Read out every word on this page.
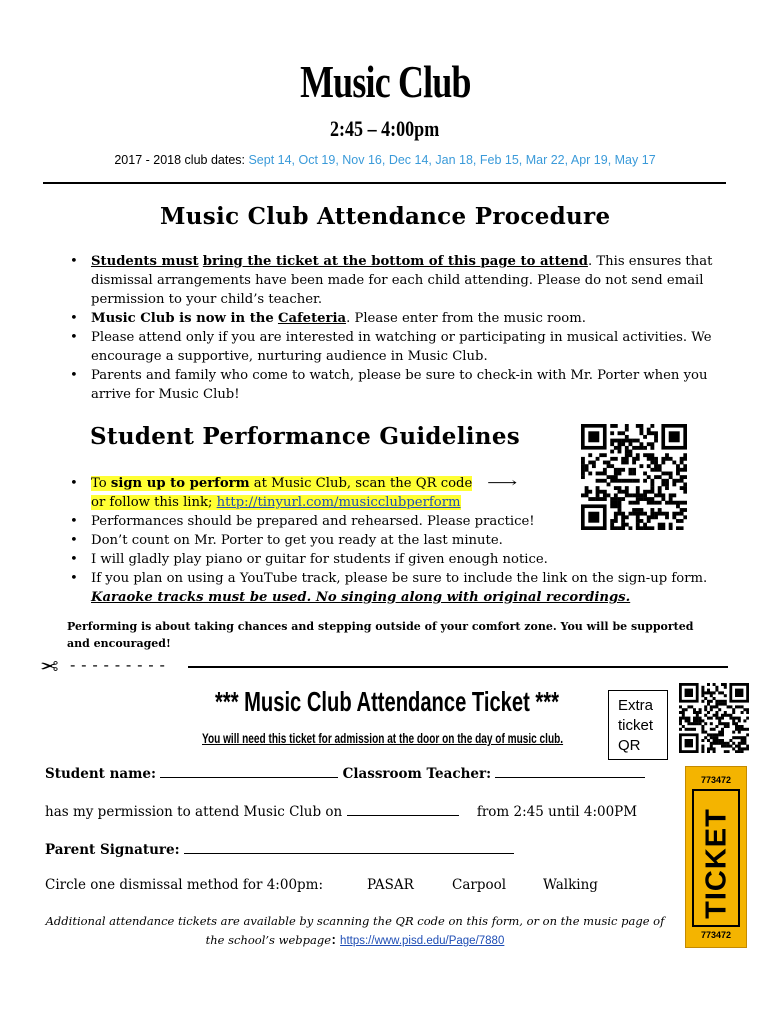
Music Club
2:45 – 4:00pm
2017 - 2018 club dates: Sept 14, Oct 19, Nov 16, Dec 14, Jan 18, Feb 15, Mar 22, Apr 19, May 17
Music Club Attendance Procedure
• Students must bring the ticket at the bottom of this page to attend. This ensures that dismissal arrangements have been made for each child attending. Please do not send email permission to your child’s teacher.
• Music Club is now in the Cafeteria. Please enter from the music room.
• Please attend only if you are interested in watching or participating in musical activities. We encourage a supportive, nurturing audience in Music Club.
• Parents and family who come to watch, please be sure to check-in with Mr. Porter when you arrive for Music Club!
Student Performance Guidelines
• To sign up to perform at Music Club, scan the QR code ⟶
or follow this link; http://tinyurl.com/musicclubperform
• Performances should be prepared and rehearsed. Please practice!
• Don’t count on Mr. Porter to get you ready at the last minute.
• I will gladly play piano or guitar for students if given enough notice.
• If you plan on using a YouTube track, please be sure to include the link on the sign-up form. Karaoke tracks must be used. No singing along with original recordings.
Performing is about taking chances and stepping outside of your comfort zone. You will be supported and encouraged!
✂ - - - - - - - - -
*** Music Club Attendance Ticket ***
You will need this ticket for admission at the door on the day of music club.
Extra
ticket
QR
Student name:	Classroom Teacher:
has my permission to attend Music Club on	from 2:45 until 4:00PM
Parent Signature:
Circle one dismissal method for 4:00pm:	PASAR	Carpool	Walking
Additional attendance tickets are available by scanning the QR code on this form, or on the music page of the school’s webpage: https://www.pisd.edu/Page/7880
773472
TICKET
773472
